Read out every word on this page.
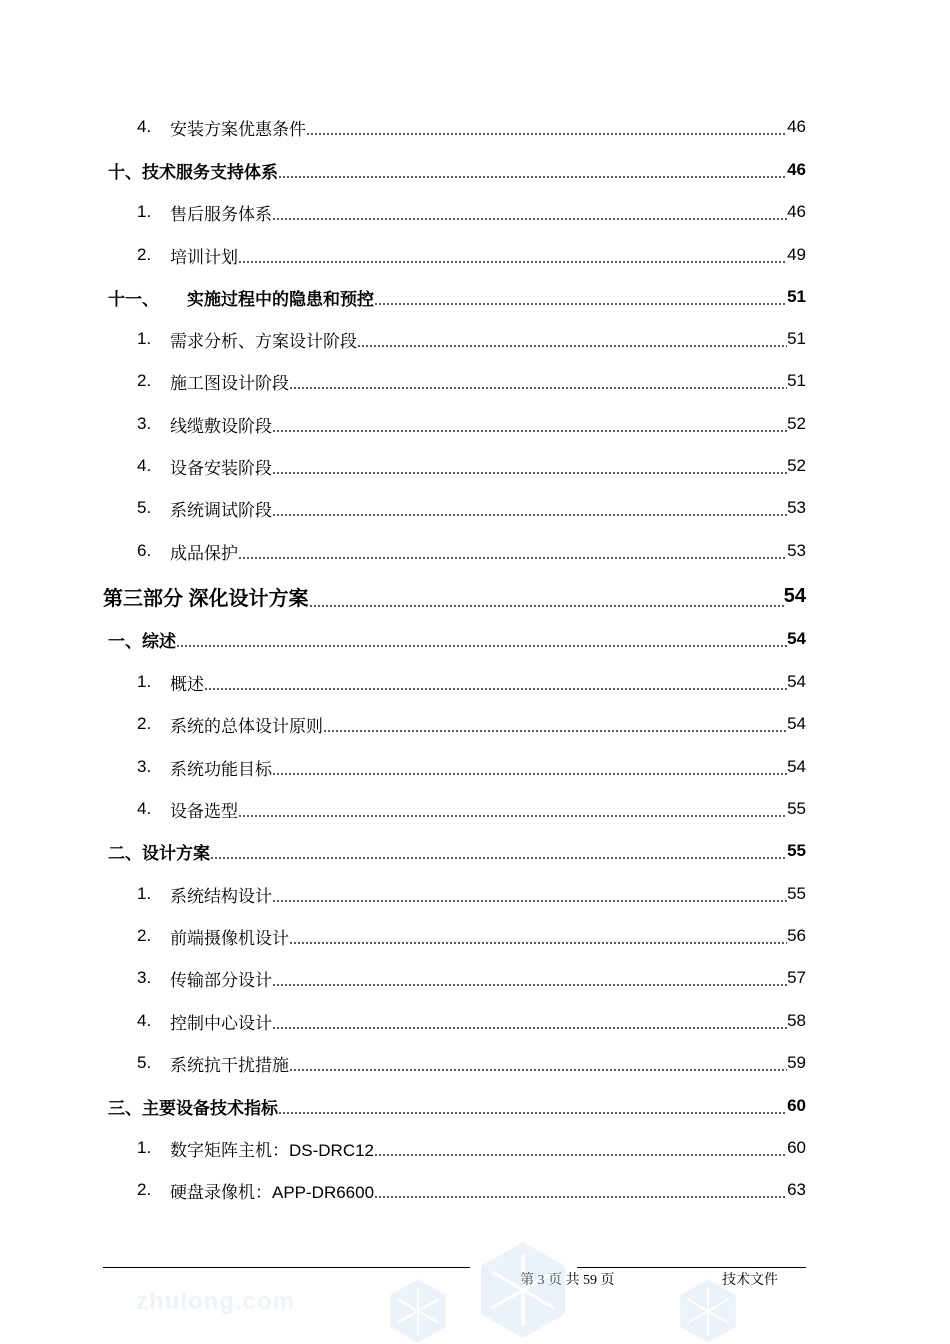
4.	安装方案优惠条件	46
十、 技术服务支持体系	46
1.	售后服务体系	46
2.	培训计划	49
十一、	实施过程中的隐患和预控	51
1.	需求分析、方案设计阶段	51
2.	施工图设计阶段	51
3.	线缆敷设阶段	52
4.	设备安装阶段	52
5.	系统调试阶段	53
6.	成品保护	53
第三部分 深化设计方案	54
一、 综述	54
1.	概述	54
2.	系统的总体设计原则	54
3.	系统功能目标	54
4.	设备选型	55
二、 设计方案	55
1.	系统结构设计	55
2.	前端摄像机设计	56
3.	传输部分设计	57
4.	控制中心设计	58
5.	系统抗干扰措施	59
三、 主要设备技术指标	60
1.	数字矩阵主机：DS-DRC12	60
2.	硬盘录像机：APP-DR6600	63
第 3 页 共 59 页	技术文件
zhulong.com
